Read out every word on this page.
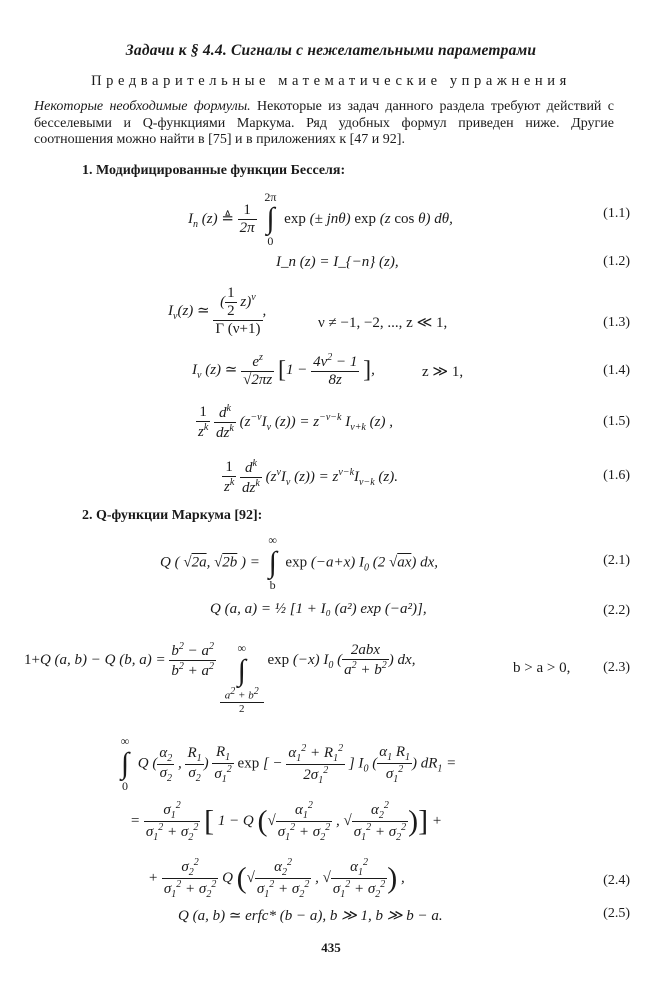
Задачи к § 4.4. Сигналы с нежелательными параметрами
Предварительные математические упражнения
Некоторые необходимые формулы. Некоторые из задач данного раздела требуют действий с бесселевыми и Q-функциями Маркума. Ряд удобных формул приведен ниже. Другие соотношения можно найти в [75] и в приложениях к [47 и 92].
1. Модифицированные функции Бесселя:
$I_n$ (z) ≜ $\frac{1}{2\pi}$

2π
∫
0
exp (± jnθ) exp (z cos θ) dθ,	(1.1)
I_n (z) = I_{−n} (z),	(1.2)
$I_\nu(z)$ ≃ $\frac{( \frac{1}{2} z)^\nu}{\Gamma (\nu+1)}$ ,
ν ≠ −1, −2, ..., z ≪ 1,	(1.3)
$I_\nu$ (z) ≃ $\frac{e^z}{√2\pi z} [1 - \frac{4\nu^2 - 1}{8z}$ ],	z ≫ 1,	(1.4)
$\frac{1}{z^k}$
$\frac{d^k}{dz^k} (z^{-\nu}I_\nu$ $(z)) = z^{-\nu-k}$ $I_{\nu+k}$ (z) ,	(1.5)
$\frac{1}{z^k}$
$\frac{d^k}{dz^k} (z^\nu I_\nu$ $(z)) = z^{\nu-k}I_{\nu-k}$ (z).	(1.6)
2. Q-функции Маркума [92]:
Q ( √2a, √2b ) =
∞
∫
b
exp (−a+x) $I_0$ (2 √ax) dx,	(2.1)
Q (a, a) = ½ [1 + I₀ (a²) exp (−a²)],	(2.2)
1+Q (a, b) − Q (b, $a) = \frac{b^2 - a^2}{b^2 + a^2}$
	∞
∫
$a^2 + b^2$
2
exp (−x) $I_0$ ( $\frac{\text{2abx}}{a^2 + b^2}$ ) dx,
b > a > 0, (2.3)
∞
∫
0
Q ( $\frac{\alpha_2}{\sigma_2}$ , $\frac{R_1}{\sigma_2}$ ) $\frac{R_1}{\sigma_1^2}$ exp [ − $\frac{\alpha_1^2 + R_1^2}{2\sigma_1^2}$ ] $I_0$ ( $\frac{\alpha_1 R_1}{\sigma_1^2}$ ) $dR_1$ =
= $\frac{\sigma_1^2}{\sigma_1^2 + \sigma_2^2}$ [ 1 − Q (√ $\frac{\alpha_1^2}{\sigma_1^2 + \sigma_2^2}$ , √ $\frac{\alpha_2^2}{\sigma_1^2 + \sigma_2^2}$ )] +
+ $\frac{\sigma_2^2}{\sigma_1^2 + \sigma_2^2}$ Q (√ $\frac{\alpha_2^2}{\sigma_1^2 + \sigma_2^2}$ , √ $\frac{\alpha_1^2}{\sigma_1^2 + \sigma_2^2}$ ) ,	(2.4)
Q (a, b) ≃ erfc* (b − a), b ≫ 1, b ≫ b − a.	(2.5)
435
